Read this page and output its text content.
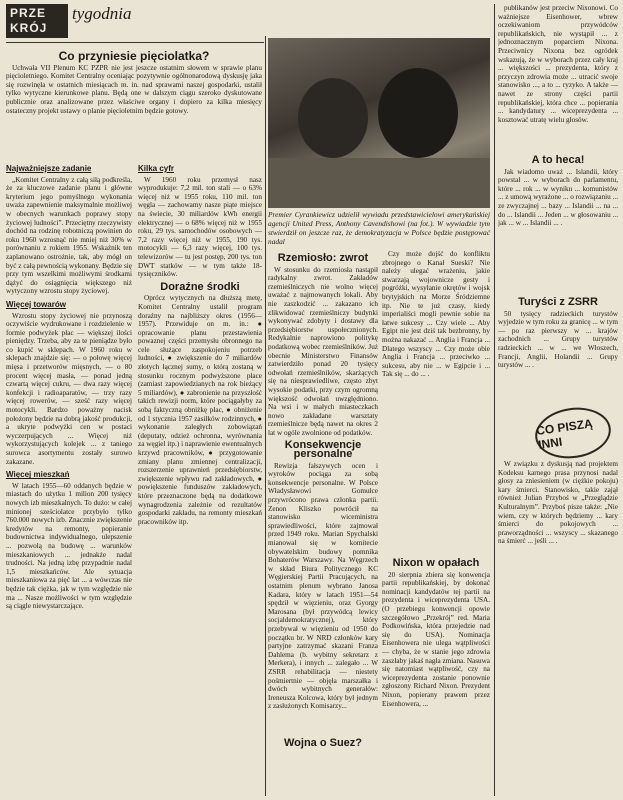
PRZE KRÓJ
tygodnia
Co przyniesie pięciolatka?

Uchwała VII Plenum KC PZPR nie jest jeszcze ostatnim słowem w sprawie planu pięcioletniego. Komitet Centralny oceniając pozytywnie ogólnonarodową dyskusję jaka się rozwinęła w ostatnich miesiącach m. in. nad sprawami naszej gospodarki, ustalił tylko wytyczne kierunkowe planu. Będą one w dalszym ciągu szeroko dyskutowane publicznie oraz analizowane przez właściwe organy i dopiero za kilka miesięcy ostateczny projekt ustawy o planie pięcioletnim będzie gotowy.

Najważniejsze zadanie

„Komitet Centralny z całą siłą podkreśla, że za kluczowe zadanie planu i główne kryterium jego pomyślnego wykonania uważa zapewnienie maksymalnie możliwej w obecnych warunkach poprawy stopy życiowej ludności”. Przeciętny rzeczywisty dochód na rodzinę robotniczą powinien do roku 1960 wzrosnąć nie mniej niż 30% w porównaniu z rokiem 1955. Wskaźnik ten zaplanowano ostrożnie, tak, aby mógł on być z całą pewnością wykonany. Będzie się przy tym wszelkimi możliwymi środkami dążyć do osiągnięcia większego niż wytyczony wzrostu stopy życiowej.

Więcej towarów

Wzrostu stopy życiowej nie przynoszą oczywiście wydrukowane i rozdzielenie w formie podwyżek płac — większej ilości pieniędzy. Trzeba, aby za te pieniądze było co kupić w sklepach. W 1960 roku w sklepach znajdzie się: — o połowę więcej mięsa i przetworów mięsnych, — o 80 procent więcej masła, — ponad jedną czwartą więcej cukru, — dwa razy więcej konfekcji i radioaparatów, — trzy razy więcej rowerów, — sześć razy więcej motocykli. Bardzo poważny nacisk położony będzie na dobrą jakość produkcji, a ukryte podwyżki cen w postaci wyczerpujących ... Więcej niż wykorzystujących kolejek ... z taniego surowca asortymentu zostały surowo zakazane.

Więcej mieszkań

W latach 1955—60 oddanych będzie w miastach do użytku 1 milion 200 tysięcy nowych izb mieszkalnych. To dużo: w całej minionej sześciolatce przybyło tylko 760.000 nowych izb. Znacznie zwiększenie kredytów na remonty, popieranie budownictwa indywidualnego, ulepszenie ... pozwolą na budowę ... warunków mieszkaniowych ... jednakże nadal trudności. Na jedną izbę przypadnie nadal 1,5 mieszkańców. Ale sytuacja mieszkaniowa za pięć lat ... a wówczas nie będzie tak ciężka, jak w tym względzie nie ma ... Nasze możliwości w tym względzie są ciągle niewystarczające.

Kilka cyfr

W 1960 roku przemysł nasz wyprodukuje: 7,2 mil. ton stali — o 63% więcej niż w 1955 roku, 110 mil. ton węgla — zachowamy nasze piąte miejsce na świecie, 30 miliardów kWh energii elektrycznej — o 68% więcej niż w 1955 roku, 29 tys. samochodów osobowych — 7,2 razy więcej niż w 1955, 190 tys. motocykli — 6,3 razy więcej, 100 tys. telewizorów — tu jest postęp, 200 tys. ton DWT statków — w tym także 18-tysięczników.

Doraźne środki

Oprócz wytycznych na dłuższą metę, Komitet Centralny ustalił program doraźny na najbliższy okres (1956—1957). Przewiduje on m. in.: ● opracowanie planu przestawienia powaznej części przemysłu obronnego na cele służące zaspokojeniu potrzeb ludności, ● zwiększenie do 7 miliardów złotych łącznej sumy, o którą zostaną w stosunku rocznym podwyższone płace (zamiast zapowiedzianych na rok bieżący 5 miliardów), ● zabronienie na przyszłość takich rewizji norm, które pociągałyby za sobą faktyczną obniżkę płac, ● obniżenie od 1 stycznia 1957 zasiłków rodzinnych, ● wykonanie zaległych zobowiązań (deputaty, odzież ochronna, wyrównania za węgiel itp.) i naprawienie ewentualnych krzywd pracowników, ● przygotowanie zmiany planu zmiennej centralizacji, rozszerzenie uprawnień przedsiębiorstw, zwiększenie wpływu rad zakładowych, ● powiększenie funduszów zakładowych, które przeznaczone będą na dodatkowe wynagrodzenia zależnie od rezultatów gospodarki zakładu, na remonty mieszkań pracowników itp.

Premier Cyrankiewicz udzielił wywiadu przedstawicielowi amerykańskiej agencji United Press, Anthony Cavendishowi (na fot.). W wywiadzie tym stwierdził on jeszcze raz, że demokratyzacja w Polsce będzie postępować nadal
Rzemiosło: zwrot

W stosunku do rzemiosła nastąpił radykalny zwrot. Zakładów rzemieślniczych nie wolno więcej uważać z najmowanych lokali. Aby nie zaszkodzić ... zakazano ich zlikwidować rzemieślniczy budynki wykonywać zdobyty i dostawy dla przedsiębiorstw uspołecznionych. Redykalnie naprowiono politykę podatkową wobec rzemieślników. Już obecnie Ministerstwo Finansów zatwierdziło ponad 20 tysięcy odwołań rzemieślników, skarżących się na niesprawiedliwe, często zbyt wysokie podatki, przy czym ogromną większość odwołań uwzględniono. Na wsi i w małych miasteczkach nowo zakładane warsztaty rzemieślnicze będą nawet na okres 2 lat w ogóle zwolnione od podatków.

Konsekwencje personalne

Rewizja fałszywych ocen i wyroków pociąga za sobą konsekwencje personalne. W Polsce Władysławowi Gomułce przywrócono prawa członka partii. Zenon Kliszko powrócił na stanowisko wiceministra sprawiedliwości, które zajmował przed 1949 roku. Marian Spychalski mianował się w komitecie obywatelskim budowy pomnika Bohaterów Warszawy. Na Węgrzech w skład Biura Politycznego KC Węgierskiej Partii Pracujących, na ostatnim plenum wybrano Janosa Kadara, który w latach 1951—54 spędził w więzieniu, oraz Gyorgy Marosana (był przywódcą lewicy socjaldemokratycznej), który przebywał w więzieniu od 1950 do początku br. W NRD członków kary partyjne zatrzymać skazani Franza Dahlema (b. wybitny sekretarz z Merkera), i innych ... zalegało ... W ZSRR rehabilitacja — niestety pośmiertnie — objęła marszałka i dwóch wybitnych generałów: Ireneusza Kolcowa, który był jednym z zasłużonych Komisarzy...

Czy może dojść do konfliktu zbrojnego o Kanał Sueski? Nie należy ulegać wrażeniu, jakie stwarzają wojownicze gesty i pogróżki, wysyłanie okrętów i wojsk brytyjskich na Morze Śródziemne itp. Nie te już czasy, kiedy imperialiści mogli pewnie sobie na łatwe sukcesy ... Czy wiele ... Aby Egipt nie jest dziś tak bezbronny, by można nakazać ... Anglia i Francja ... Dlatego wszyscy ... Czy może obie Anglia i Francja ... przeciwko ... sukcesu, aby nie ... w Egipcie i ... Tak się ... do ... .

Wojna o Suez?
Nixon w opałach

20 sierpnia zbiera się konwencja partii republikańskiej, by dokonać nominacji kandydatów tej partii na prezydenta i wiceprezydenta USA. (O przebiegu konwencji opowie szczegółowo „Przekrój” red. Maria Podkowińska, która przejedzie nad się do USA). Nominacja Eisenhowera nie ulega wątpliwości — chyba, że w stanie jego zdrowia zaszłaby jakaś nagła zmiana. Nasuwa się natomiast wątpliwość, czy na wiceprezydenta zostanie ponownie zgłoszony Richard Nixon. Prezydent Nixon, popierany prawem przez Eisenhowera, ...

publikanów jest przeciw Nixonowi. Co ważniejsze Eisenhower, wbrew oczekiwaniom przywódców republikańskich, nie wystąpił ... z jednoznacznym poparciem Nixona. Przeciwnicy Nixona bez ogródek wskazują, że w wyborach przez cały kraj ... większości ... prezydenta, który z przyczyn zdrowia może ... utracić swoje stanowisko ..., a to ... ryzyko. A także — nawet ze strony części partii republikańskiej, która chce ... popierania ... kandydatury ... wiceprezydenta ... kosztować utratę wielu głosów.

A to heca!

Jak wiadomo uważ ... Islandii, który powstał ... w wyborach do parlamentu, które ... rok ... w wyniku ... komunistów ... z umową wyrażone ... o rozwiązaniu ... ze zwyczajnej ... bazy ... Islandii ... na ... do ... Islandii ... Jeden ... w głosowaniu ... jak ... w ... Islandii ... .

Turyści z ZSRR

50 tysięcy radzieckich turystów wyjedzie w tym roku za granicę ... w tym — po raz pierwszy w ... krajów zachodnich ... Grupy turystów radzieckich ... w ... we Włoszech, Francji, Anglii, Holandii ... Grupy turystów ... .

CO PISZĄ INNI

W związku z dyskusją nad projektem Kodeksu karnego prasa przynosi nadal głosy za zniesieniem (w ciężkie pokoju) kary śmierci. Stanowisko, takie zajął również Julian Przyboś w „Przeglądzie Kulturalnym”. Przyboś pisze także: „Nie wiem, czy w których będziemy ... kary śmierci do pokojowych ... praworządności ... wszyscy ... skazanego na śmierć ... jeśli ... .
